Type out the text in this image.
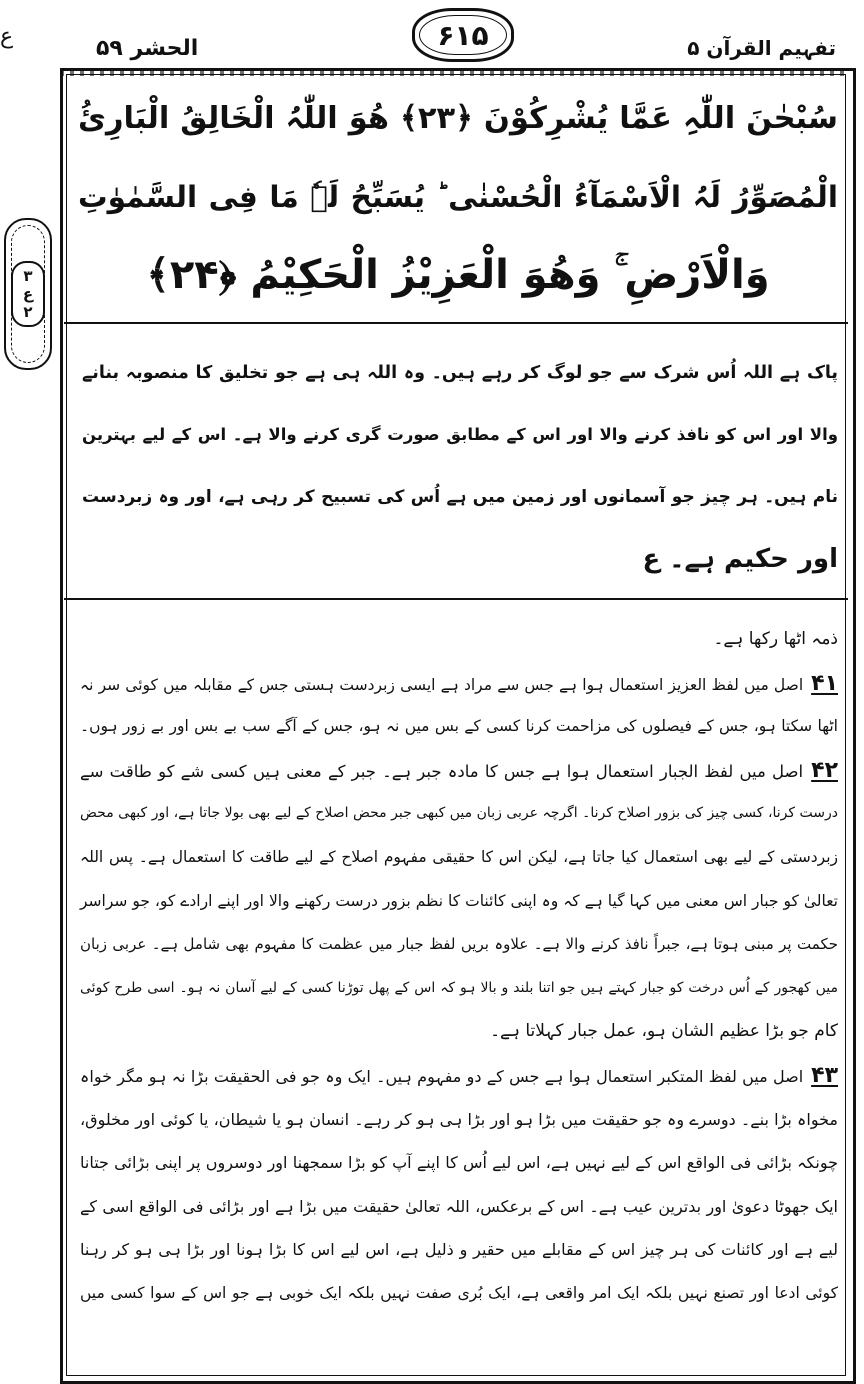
ع	الحشر ۵۹	۶۱۵	تفہیم القرآن ۵
۳
ع
۲
سُبْحٰنَ اللّٰہِ عَمَّا یُشْرِکُوْنَ ﴿۲۳﴾ ھُوَ اللّٰہُ الْخَالِقُ الْبَارِئُ
الْمُصَوِّرُ لَہُ الْاَسْمَآءُ الْحُسْنٰی ؕ یُسَبِّحُ لَہٗ مَا فِی السَّمٰوٰتِ
وَالْاَرْضِ ۚ وَھُوَ الْعَزِیْزُ الْحَکِیْمُ ﴿۲۴﴾
پاک ہے اللہ اُس شرک سے جو لوگ کر رہے ہیں۔ وہ اللہ ہی ہے جو تخلیق کا منصوبہ بنانے
والا اور اس کو نافذ کرنے والا اور اس کے مطابق صورت گری کرنے والا ہے۔ اس کے لیے بہترین
نام ہیں۔ ہر چیز جو آسمانوں اور زمین میں ہے اُس کی تسبیح کر رہی ہے، اور وہ زبردست
اور حکیم ہے۔ ع
ذمہ اٹھا رکھا ہے۔
۴۱اصل میں لفظ العزیز استعمال ہوا ہے جس سے مراد ہے ایسی زبردست ہستی جس کے مقابلہ میں کوئی سر نہ
اٹھا سکتا ہو، جس کے فیصلوں کی مزاحمت کرنا کسی کے بس میں نہ ہو، جس کے آگے سب بے بس اور بے زور ہوں۔
۴۲اصل میں لفظ الجبار استعمال ہوا ہے جس کا مادہ جبر ہے۔ جبر کے معنی ہیں کسی شے کو طاقت سے
درست کرنا، کسی چیز کی بزور اصلاح کرنا۔ اگرچہ عربی زبان میں کبھی جبر محض اصلاح کے لیے بھی بولا جاتا ہے، اور کبھی محض
زبردستی کے لیے بھی استعمال کیا جاتا ہے، لیکن اس کا حقیقی مفہوم اصلاح کے لیے طاقت کا استعمال ہے۔ پس اللہ
تعالیٰ کو جبار اس معنی میں کہا گیا ہے کہ وہ اپنی کائنات کا نظم بزور درست رکھنے والا اور اپنے ارادے کو، جو سراسر
حکمت پر مبنی ہوتا ہے، جبراً نافذ کرنے والا ہے۔ علاوہ بریں لفظ جبار میں عظمت کا مفہوم بھی شامل ہے۔ عربی زبان
میں کھجور کے اُس درخت کو جبار کہتے ہیں جو اتنا بلند و بالا ہو کہ اس کے پھل توڑنا کسی کے لیے آسان نہ ہو۔ اسی طرح کوئی
کام جو بڑا عظیم الشان ہو، عمل جبار کہلاتا ہے۔
۴۳اصل میں لفظ المتکبر استعمال ہوا ہے جس کے دو مفہوم ہیں۔ ایک وہ جو فی الحقیقت بڑا نہ ہو مگر خواہ
مخواہ بڑا بنے۔ دوسرے وہ جو حقیقت میں بڑا ہو اور بڑا ہی ہو کر رہے۔ انسان ہو یا شیطان، یا کوئی اور مخلوق،
چونکہ بڑائی فی الواقع اس کے لیے نہیں ہے، اس لیے اُس کا اپنے آپ کو بڑا سمجھنا اور دوسروں پر اپنی بڑائی جتانا
ایک جھوٹا دعویٰ اور بدترین عیب ہے۔ اس کے برعکس، اللہ تعالیٰ حقیقت میں بڑا ہے اور بڑائی فی الواقع اسی کے
لیے ہے اور کائنات کی ہر چیز اس کے مقابلے میں حقیر و ذلیل ہے، اس لیے اس کا بڑا ہونا اور بڑا ہی ہو کر رہنا
کوئی ادعا اور تصنع نہیں بلکہ ایک امر واقعی ہے، ایک بُری صفت نہیں بلکہ ایک خوبی ہے جو اس کے سوا کسی میں
